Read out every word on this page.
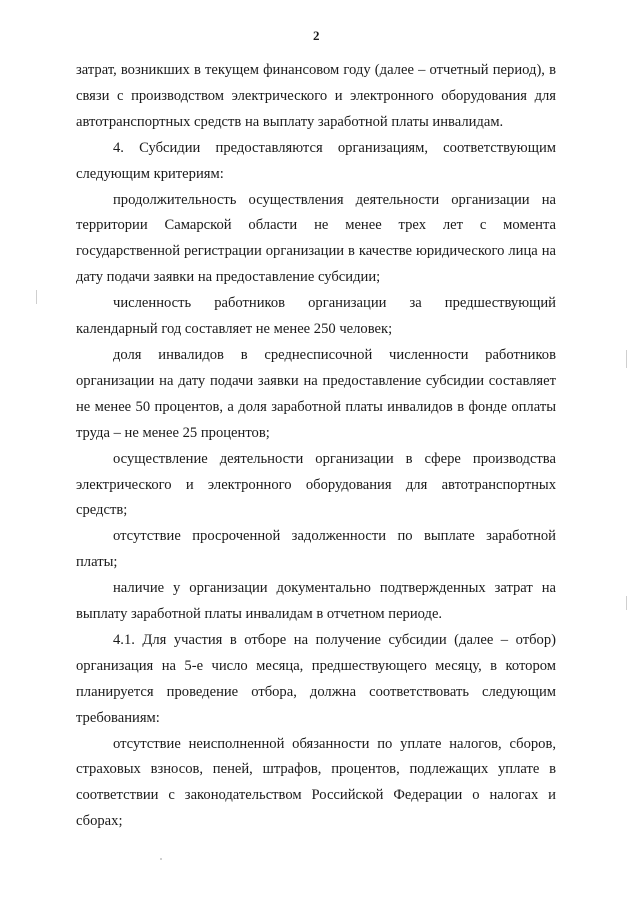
2

затрат, возникших в текущем финансовом году (далее – отчетный период), в связи с производством электрического и электронного оборудования для автотранспортных средств на выплату заработной платы инвалидам.

4. Субсидии предоставляются организациям, соответствующим следующим критериям:

продолжительность осуществления деятельности организации на территории Самарской области не менее трех лет с момента государственной регистрации организации в качестве юридического лица на дату подачи заявки на предоставление субсидии;

численность работников организации за предшествующий календарный год составляет не менее 250 человек;

доля инвалидов в среднесписочной численности работников организации на дату подачи заявки на предоставление субсидии составляет не менее 50 процентов, а доля заработной платы инвалидов в фонде оплаты труда – не менее 25 процентов;

осуществление деятельности организации в сфере производства электрического и электронного оборудования для автотранспортных средств;

отсутствие просроченной задолженности по выплате заработной платы;

наличие у организации документально подтвержденных затрат на выплату заработной платы инвалидам в отчетном периоде.

4.1. Для участия в отборе на получение субсидии (далее – отбор) организация на 5-е число месяца, предшествующего месяцу, в котором планируется проведение отбора, должна соответствовать следующим требованиям:

отсутствие неисполненной обязанности по уплате налогов, сборов, страховых взносов, пеней, штрафов, процентов, подлежащих уплате в соответствии с законодательством Российской Федерации о налогах и сборах;
